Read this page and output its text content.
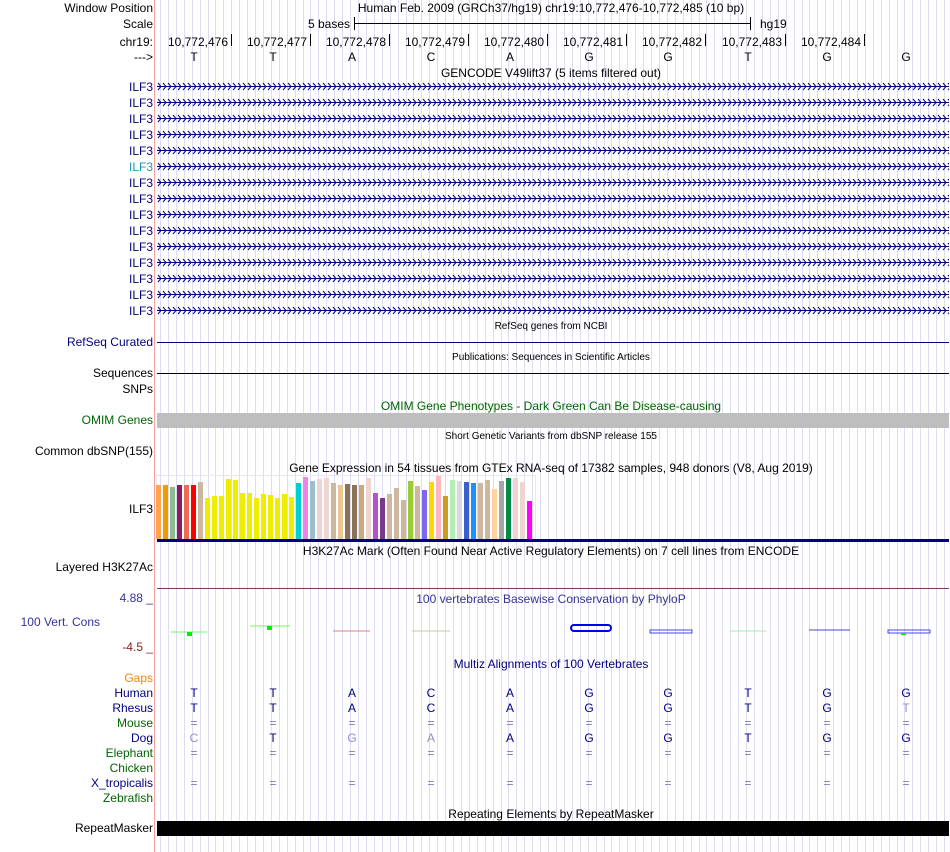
Window Position	Human Feb. 2009 (GRCh37/hg19) chr19:10,772,476-10,772,485 (10 bp)
Scale	5 bases	hg19
chr19:
--->
GENCODE V49lift37 (5 items filtered out)
RefSeq genes from NCBI
RefSeq Curated
Publications: Sequences in Scientific Articles
Sequences
SNPs
OMIM Gene Phenotypes - Dark Green Can Be Disease-causing
OMIM Genes
Short Genetic Variants from dbSNP release 155
Common dbSNP(155)
Gene Expression in 54 tissues from GTEx RNA-seq of 17382 samples, 948 donors (V8, Aug 2019)
ILF3
H3K27Ac Mark (Often Found Near Active Regulatory Elements) on 7 cell lines from ENCODE
Layered H3K27Ac
4.88 _	100 vertebrates Basewise Conservation by PhyloP
100 Vert. Cons
-4.5 _
Multiz Alignments of 100 Vertebrates
Gaps
Repeating Elements by RepeatMasker
RepeatMasker
10,772,476 10,772,477 10,772,478 10,772,479 10,772,480 10,772,481 10,772,482 10,772,483 10,772,484
T	T	A	C	A	G	G	T	G	G
ILF3
ILF3
ILF3
ILF3
ILF3
ILF3
ILF3
ILF3
ILF3
ILF3
ILF3
ILF3
ILF3
ILF3
ILF3
Human	T	T	A	C	A	G	G	T	G	G
Rhesus	T	T	A	C	A	G	G	T	G	T
Mouse	=	=	=	=	=	=	=	=	=	=
Dog	C	T	G	A	A	G	G	T	G	G
Elephant	=	=	=	=	=	=	=	=	=	=
Chicken
X_tropicalis	=	=	=	=	=	=	=	=	=	=
Zebrafish
